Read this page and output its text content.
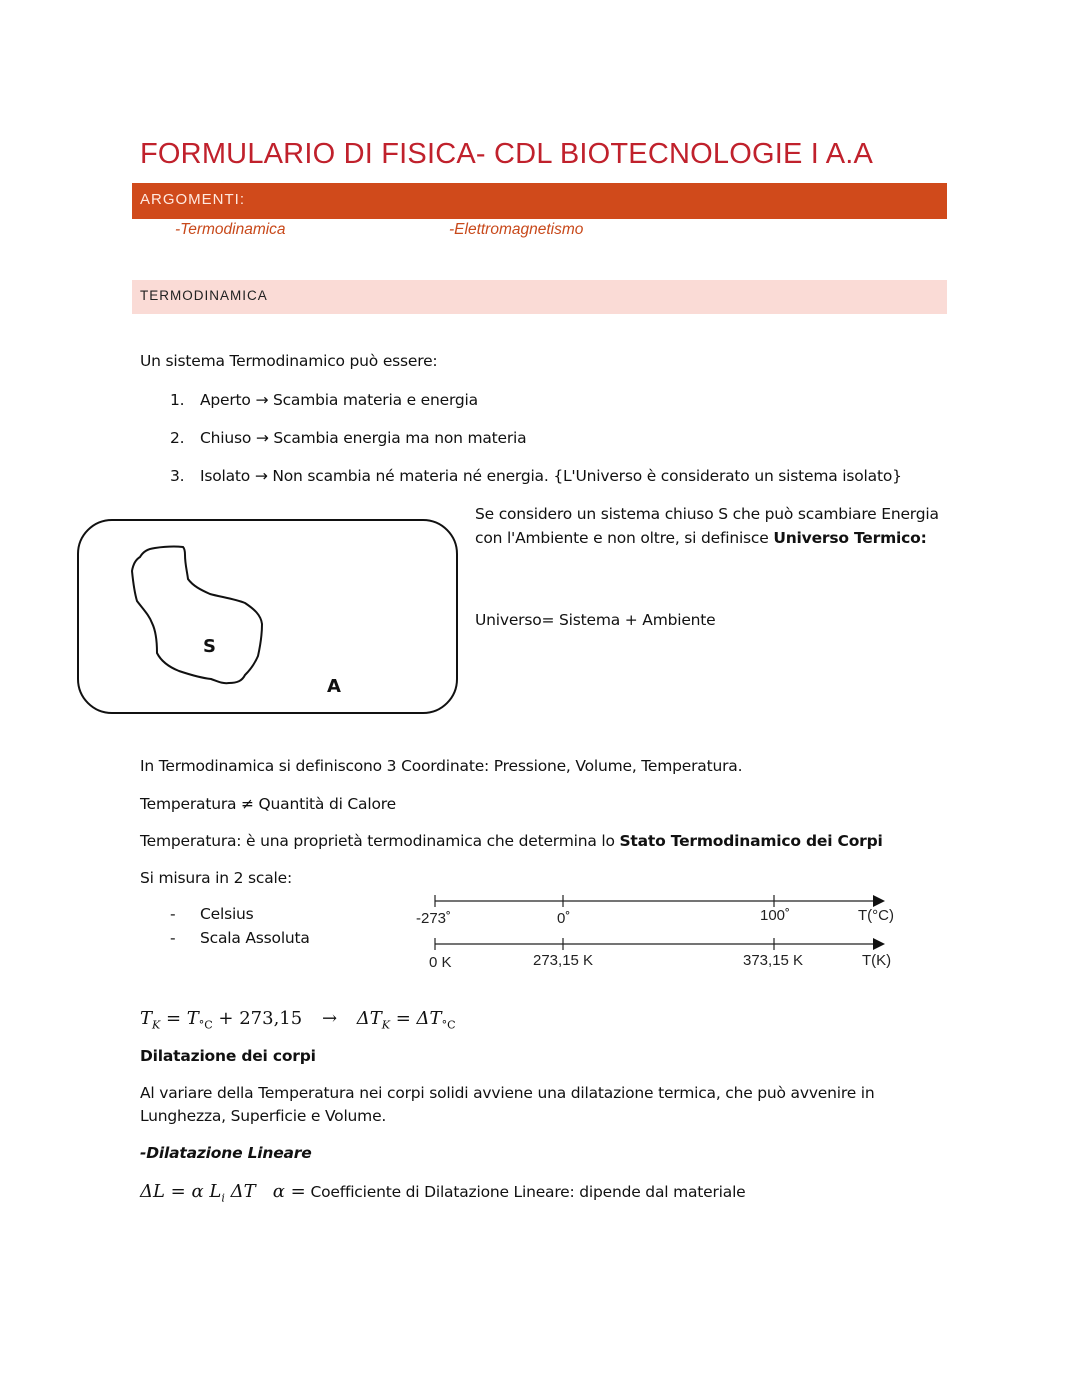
FORMULARIO DI FISICA- CDL BIOTECNOLOGIE I A.A
ARGOMENTI:
-Termodinamica	-Elettromagnetismo
TERMODINAMICA
Un sistema Termodinamico può essere:
1. Aperto → Scambia materia e energia
2. Chiuso → Scambia energia ma non materia
3. Isolato → Non scambia né materia né energia. {L'Universo è considerato un sistema isolato}
S
A
Se considero un sistema chiuso S che può scambiare Energia con l'Ambiente e non oltre, si definisce Universo Termico:
Universo= Sistema + Ambiente
In Termodinamica si definiscono 3 Coordinate: Pressione, Volume, Temperatura.
Temperatura ≠ Quantità di Calore
Temperatura: è una proprietà termodinamica che determina lo Stato Termodinamico dei Corpi
Si misura in 2 scale:
- Celsius
- Scala Assoluta
-273˚	0˚	100˚	T(°C)
0 K	273,15 K	373,15 K	T(K)
$T_K = T_{^\circ C} + 273,15 \to \Delta T_K = \Delta T_{^\circ C}$
Dilatazione dei corpi
Al variare della Temperatura nei corpi solidi avviene una dilatazione termica, che può avvenire in
Lunghezza, Superficie e Volume.
-Dilatazione Lineare
ΔL = α $L_i$ ΔT α = Coefficiente di Dilatazione Lineare: dipende dal materiale
